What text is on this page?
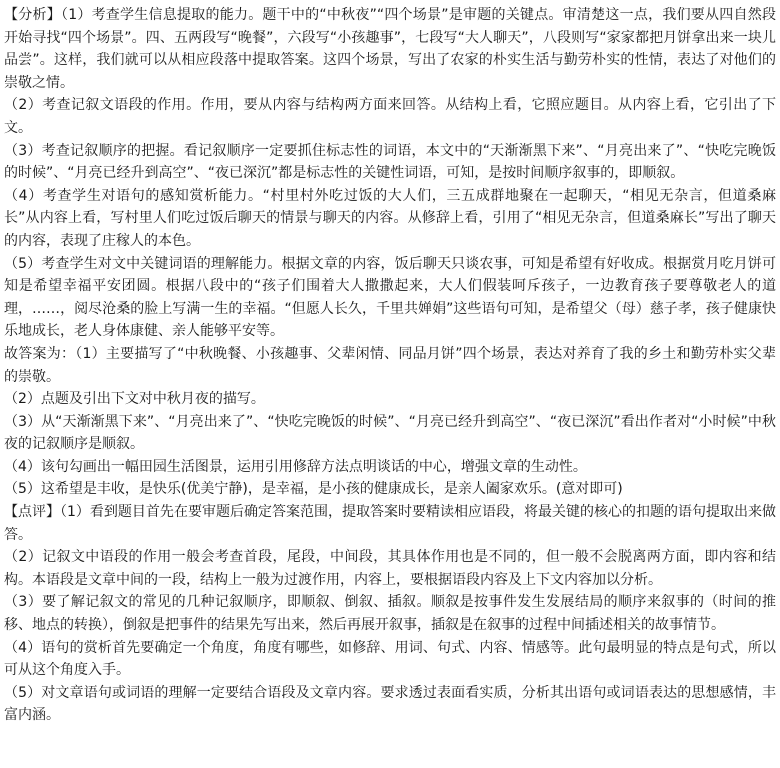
【分析】（1）考查学生信息提取的能力。题干中的“中秋夜”“四个场景”是审题的关键点。审清楚这一点，我们要从四自然段开始寻找“四个场景”。四、五两段写“晚餐”，六段写“小孩趣事”，七段写“大人聊天”，八段则写“家家都把月饼拿出来一块儿品尝”。这样，我们就可以从相应段落中提取答案。这四个场景，写出了农家的朴实生活与勤劳朴实的性情，表达了对他们的崇敬之情。

（2）考查记叙文语段的作用。作用，要从内容与结构两方面来回答。从结构上看，它照应题目。从内容上看，它引出了下文。

（3）考查记叙顺序的把握。看记叙顺序一定要抓住标志性的词语，本文中的“天渐渐黑下来”、“月亮出来了”、“快吃完晚饭的时候”、“月亮已经升到高空”、“夜已深沉”都是标志性的关键性词语，可知，是按时间顺序叙事的，即顺叙。

（4）考查学生对语句的感知赏析能力。“村里村外吃过饭的大人们，三五成群地聚在一起聊天，“相见无杂言，但道桑麻长”从内容上看，写村里人们吃过饭后聊天的情景与聊天的内容。从修辞上看，引用了“相见无杂言，但道桑麻长”写出了聊天的内容，表现了庄稼人的本色。

（5）考查学生对文中关键词语的理解能力。根据文章的内容，饭后聊天只谈农事，可知是希望有好收成。根据赏月吃月饼可知是希望幸福平安团圆。根据八段中的“孩子们围着大人撒撒起来，大人们假装呵斥孩子，一边教育孩子要尊敬老人的道理，……，阅尽沧桑的脸上写满一生的幸福。“但愿人长久，千里共婵娟”这些语句可知，是希望父（母）慈子孝，孩子健康快乐地成长，老人身体康健、亲人能够平安等。

故答案为：（1）主要描写了“中秋晚餐、小孩趣事、父辈闲情、同品月饼”四个场景，表达对养育了我的乡土和勤劳朴实父辈的崇敬。

（2）点题及引出下文对中秋月夜的描写。

（3）从“天渐渐黑下来”、“月亮出来了”、“快吃完晚饭的时候”、“月亮已经升到高空”、“夜已深沉”看出作者对“小时候”中秋夜的记叙顺序是顺叙。

（4）该句勾画出一幅田园生活图景，运用引用修辞方法点明谈话的中心，增强文章的生动性。

（5）这希望是丰收，是快乐(优美宁静)，是幸福，是小孩的健康成长，是亲人阖家欢乐。(意对即可)

【点评】（1）看到题目首先在要审题后确定答案范围，提取答案时要精读相应语段，将最关键的核心的扣题的语句提取出来做答。

（2）记叙文中语段的作用一般会考查首段，尾段，中间段，其具体作用也是不同的，但一般不会脱离两方面，即内容和结构。本语段是文章中间的一段，结构上一般为过渡作用，内容上，要根据语段内容及上下文内容加以分析。

（3）要了解记叙文的常见的几种记叙顺序，即顺叙、倒叙、插叙。顺叙是按事件发生发展结局的顺序来叙事的（时间的推移、地点的转换），倒叙是把事件的结果先写出来，然后再展开叙事，插叙是在叙事的过程中间插述相关的故事情节。

（4）语句的赏析首先要确定一个角度，角度有哪些，如修辞、用词、句式、内容、情感等。此句最明显的特点是句式，所以可从这个角度入手。

（5）对文章语句或词语的理解一定要结合语段及文章内容。要求透过表面看实质，分析其出语句或词语表达的思想感情，丰富内涵。
